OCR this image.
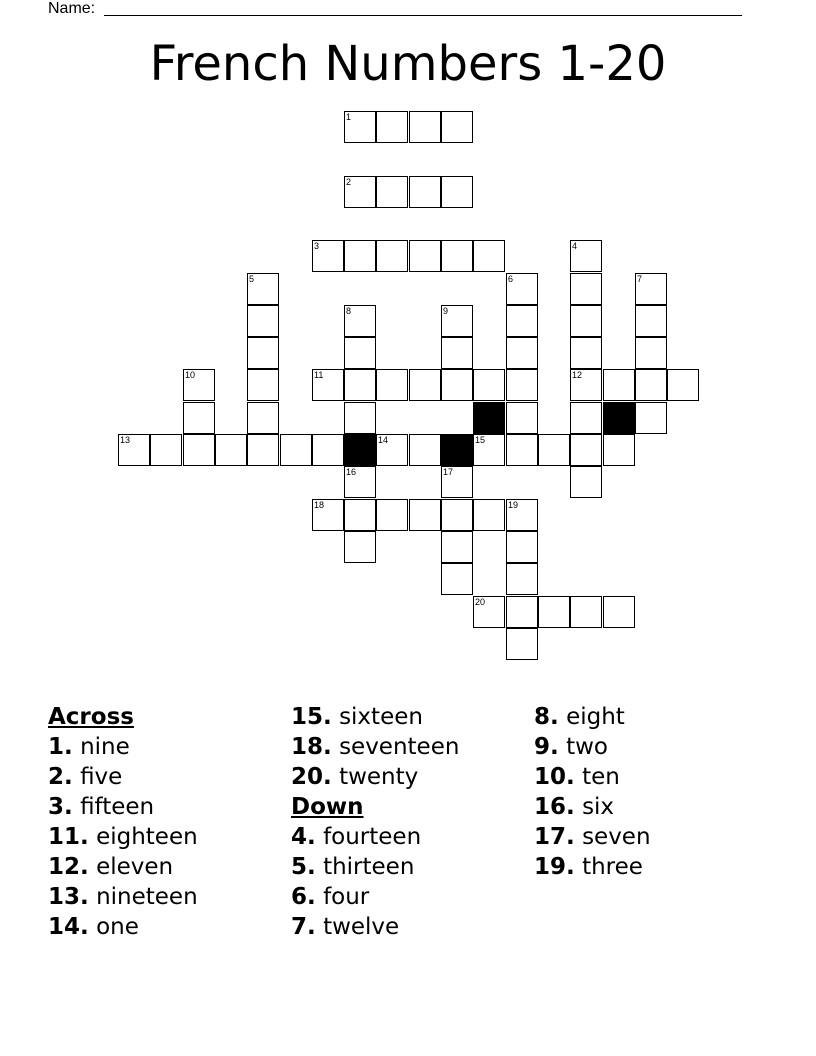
Name:
French Numbers 1-20
1
2
3	4
5	6	7
8	9
10	11	12
13	14	15
16	17
18	19
20
Across
1. nine
2. five
3. fifteen
11. eighteen
12. eleven
13. nineteen
14. one
15. sixteen
18. seventeen
20. twenty
Down
4. fourteen
5. thirteen
6. four
7. twelve
8. eight
9. two
10. ten
16. six
17. seven
19. three
